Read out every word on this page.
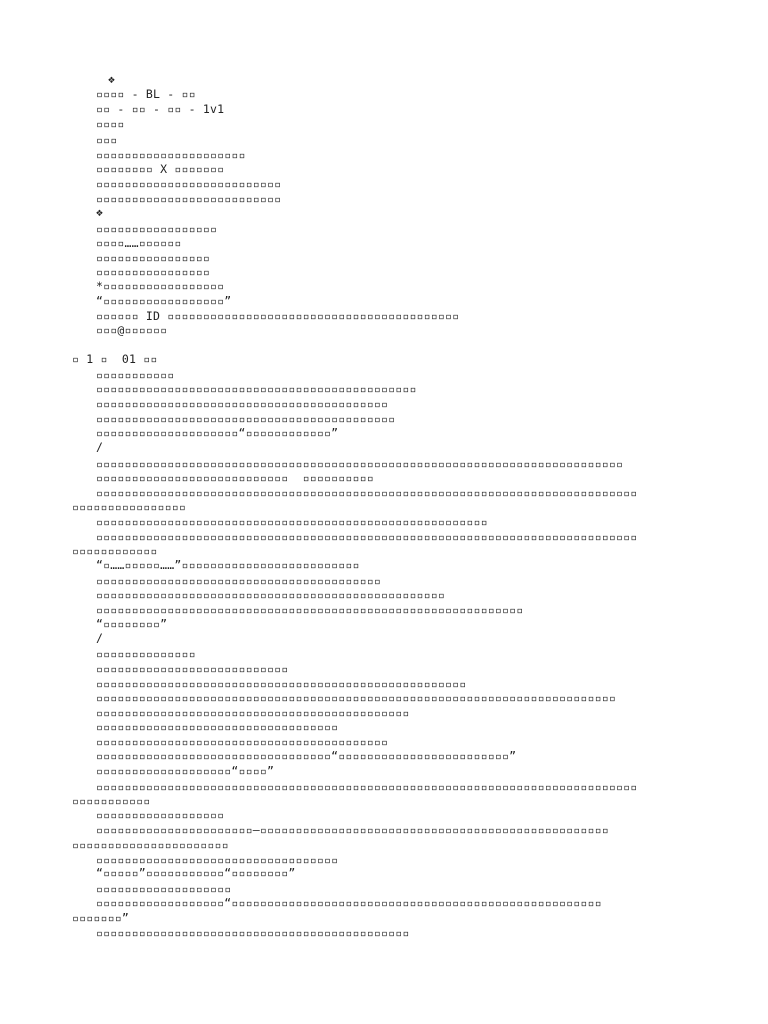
❖
▫▫▫▫ - BL - ▫▫
▫▫ - ▫▫ - ▫▫ - 1v1
▫▫▫▫
▫▫▫
▫▫▫▫▫▫▫▫▫▫▫▫▫▫▫▫▫▫▫▫▫
▫▫▫▫▫▫▫▫ X ▫▫▫▫▫▫▫
▫▫▫▫▫▫▫▫▫▫▫▫▫▫▫▫▫▫▫▫▫▫▫▫▫▫
▫▫▫▫▫▫▫▫▫▫▫▫▫▫▫▫▫▫▫▫▫▫▫▫▫▫
❖
▫▫▫▫▫▫▫▫▫▫▫▫▫▫▫▫▫
▫▫▫▫……▫▫▫▫▫▫
▫▫▫▫▫▫▫▫▫▫▫▫▫▫▫▫
▫▫▫▫▫▫▫▫▫▫▫▫▫▫▫▫
*▫▫▫▫▫▫▫▫▫▫▫▫▫▫▫▫▫
“▫▫▫▫▫▫▫▫▫▫▫▫▫▫▫▫▫”
▫▫▫▫▫▫ ID ▫▫▫▫▫▫▫▫▫▫▫▫▫▫▫▫▫▫▫▫▫▫▫▫▫▫▫▫▫▫▫▫▫▫▫▫▫▫▫▫▫
▫▫▫@▫▫▫▫▫▫
▫ 1 ▫  01 ▫▫
▫▫▫▫▫▫▫▫▫▫▫
▫▫▫▫▫▫▫▫▫▫▫▫▫▫▫▫▫▫▫▫▫▫▫▫▫▫▫▫▫▫▫▫▫▫▫▫▫▫▫▫▫▫▫▫▫
▫▫▫▫▫▫▫▫▫▫▫▫▫▫▫▫▫▫▫▫▫▫▫▫▫▫▫▫▫▫▫▫▫▫▫▫▫▫▫▫▫
▫▫▫▫▫▫▫▫▫▫▫▫▫▫▫▫▫▫▫▫▫▫▫▫▫▫▫▫▫▫▫▫▫▫▫▫▫▫▫▫▫▫
▫▫▫▫▫▫▫▫▫▫▫▫▫▫▫▫▫▫▫▫“▫▫▫▫▫▫▫▫▫▫▫▫”
/
▫▫▫▫▫▫▫▫▫▫▫▫▫▫▫▫▫▫▫▫▫▫▫▫▫▫▫▫▫▫▫▫▫▫▫▫▫▫▫▫▫▫▫▫▫▫▫▫▫▫▫▫▫▫▫▫▫▫▫▫▫▫▫▫▫▫▫▫▫▫▫▫▫▫
▫▫▫▫▫▫▫▫▫▫▫▫▫▫▫▫▫▫▫▫▫▫▫▫▫▫▫  ▫▫▫▫▫▫▫▫▫▫
▫▫▫▫▫▫▫▫▫▫▫▫▫▫▫▫▫▫▫▫▫▫▫▫▫▫▫▫▫▫▫▫▫▫▫▫▫▫▫▫▫▫▫▫▫▫▫▫▫▫▫▫▫▫▫▫▫▫▫▫▫▫▫▫▫▫▫▫▫▫▫▫▫▫▫▫
▫▫▫▫▫▫▫▫▫▫▫▫▫▫▫▫
▫▫▫▫▫▫▫▫▫▫▫▫▫▫▫▫▫▫▫▫▫▫▫▫▫▫▫▫▫▫▫▫▫▫▫▫▫▫▫▫▫▫▫▫▫▫▫▫▫▫▫▫▫▫▫
▫▫▫▫▫▫▫▫▫▫▫▫▫▫▫▫▫▫▫▫▫▫▫▫▫▫▫▫▫▫▫▫▫▫▫▫▫▫▫▫▫▫▫▫▫▫▫▫▫▫▫▫▫▫▫▫▫▫▫▫▫▫▫▫▫▫▫▫▫▫▫▫▫▫▫▫
▫▫▫▫▫▫▫▫▫▫▫▫
“▫……▫▫▫▫▫……”▫▫▫▫▫▫▫▫▫▫▫▫▫▫▫▫▫▫▫▫▫▫▫▫▫
▫▫▫▫▫▫▫▫▫▫▫▫▫▫▫▫▫▫▫▫▫▫▫▫▫▫▫▫▫▫▫▫▫▫▫▫▫▫▫▫
▫▫▫▫▫▫▫▫▫▫▫▫▫▫▫▫▫▫▫▫▫▫▫▫▫▫▫▫▫▫▫▫▫▫▫▫▫▫▫▫▫▫▫▫▫▫▫▫▫
▫▫▫▫▫▫▫▫▫▫▫▫▫▫▫▫▫▫▫▫▫▫▫▫▫▫▫▫▫▫▫▫▫▫▫▫▫▫▫▫▫▫▫▫▫▫▫▫▫▫▫▫▫▫▫▫▫▫▫▫
“▫▫▫▫▫▫▫▫”
/
▫▫▫▫▫▫▫▫▫▫▫▫▫▫
▫▫▫▫▫▫▫▫▫▫▫▫▫▫▫▫▫▫▫▫▫▫▫▫▫▫▫
▫▫▫▫▫▫▫▫▫▫▫▫▫▫▫▫▫▫▫▫▫▫▫▫▫▫▫▫▫▫▫▫▫▫▫▫▫▫▫▫▫▫▫▫▫▫▫▫▫▫▫▫
▫▫▫▫▫▫▫▫▫▫▫▫▫▫▫▫▫▫▫▫▫▫▫▫▫▫▫▫▫▫▫▫▫▫▫▫▫▫▫▫▫▫▫▫▫▫▫▫▫▫▫▫▫▫▫▫▫▫▫▫▫▫▫▫▫▫▫▫▫▫▫▫▫
▫▫▫▫▫▫▫▫▫▫▫▫▫▫▫▫▫▫▫▫▫▫▫▫▫▫▫▫▫▫▫▫▫▫▫▫▫▫▫▫▫▫▫▫
▫▫▫▫▫▫▫▫▫▫▫▫▫▫▫▫▫▫▫▫▫▫▫▫▫▫▫▫▫▫▫▫▫▫
▫▫▫▫▫▫▫▫▫▫▫▫▫▫▫▫▫▫▫▫▫▫▫▫▫▫▫▫▫▫▫▫▫▫▫▫▫▫▫▫▫
▫▫▫▫▫▫▫▫▫▫▫▫▫▫▫▫▫▫▫▫▫▫▫▫▫▫▫▫▫▫▫▫▫“▫▫▫▫▫▫▫▫▫▫▫▫▫▫▫▫▫▫▫▫▫▫▫▫”
▫▫▫▫▫▫▫▫▫▫▫▫▫▫▫▫▫▫▫“▫▫▫▫”
▫▫▫▫▫▫▫▫▫▫▫▫▫▫▫▫▫▫▫▫▫▫▫▫▫▫▫▫▫▫▫▫▫▫▫▫▫▫▫▫▫▫▫▫▫▫▫▫▫▫▫▫▫▫▫▫▫▫▫▫▫▫▫▫▫▫▫▫▫▫▫▫▫▫▫▫
▫▫▫▫▫▫▫▫▫▫▫
▫▫▫▫▫▫▫▫▫▫▫▫▫▫▫▫▫▫
▫▫▫▫▫▫▫▫▫▫▫▫▫▫▫▫▫▫▫▫▫▫—▫▫▫▫▫▫▫▫▫▫▫▫▫▫▫▫▫▫▫▫▫▫▫▫▫▫▫▫▫▫▫▫▫▫▫▫▫▫▫▫▫▫▫▫▫▫▫▫▫
▫▫▫▫▫▫▫▫▫▫▫▫▫▫▫▫▫▫▫▫▫▫
▫▫▫▫▫▫▫▫▫▫▫▫▫▫▫▫▫▫▫▫▫▫▫▫▫▫▫▫▫▫▫▫▫▫
“▫▫▫▫▫”▫▫▫▫▫▫▫▫▫▫▫“▫▫▫▫▫▫▫▫”
▫▫▫▫▫▫▫▫▫▫▫▫▫▫▫▫▫▫▫
▫▫▫▫▫▫▫▫▫▫▫▫▫▫▫▫▫▫“▫▫▫▫▫▫▫▫▫▫▫▫▫▫▫▫▫▫▫▫▫▫▫▫▫▫▫▫▫▫▫▫▫▫▫▫▫▫▫▫▫▫▫▫▫▫▫▫▫▫▫▫
▫▫▫▫▫▫▫”
▫▫▫▫▫▫▫▫▫▫▫▫▫▫▫▫▫▫▫▫▫▫▫▫▫▫▫▫▫▫▫▫▫▫▫▫▫▫▫▫▫▫▫▫
